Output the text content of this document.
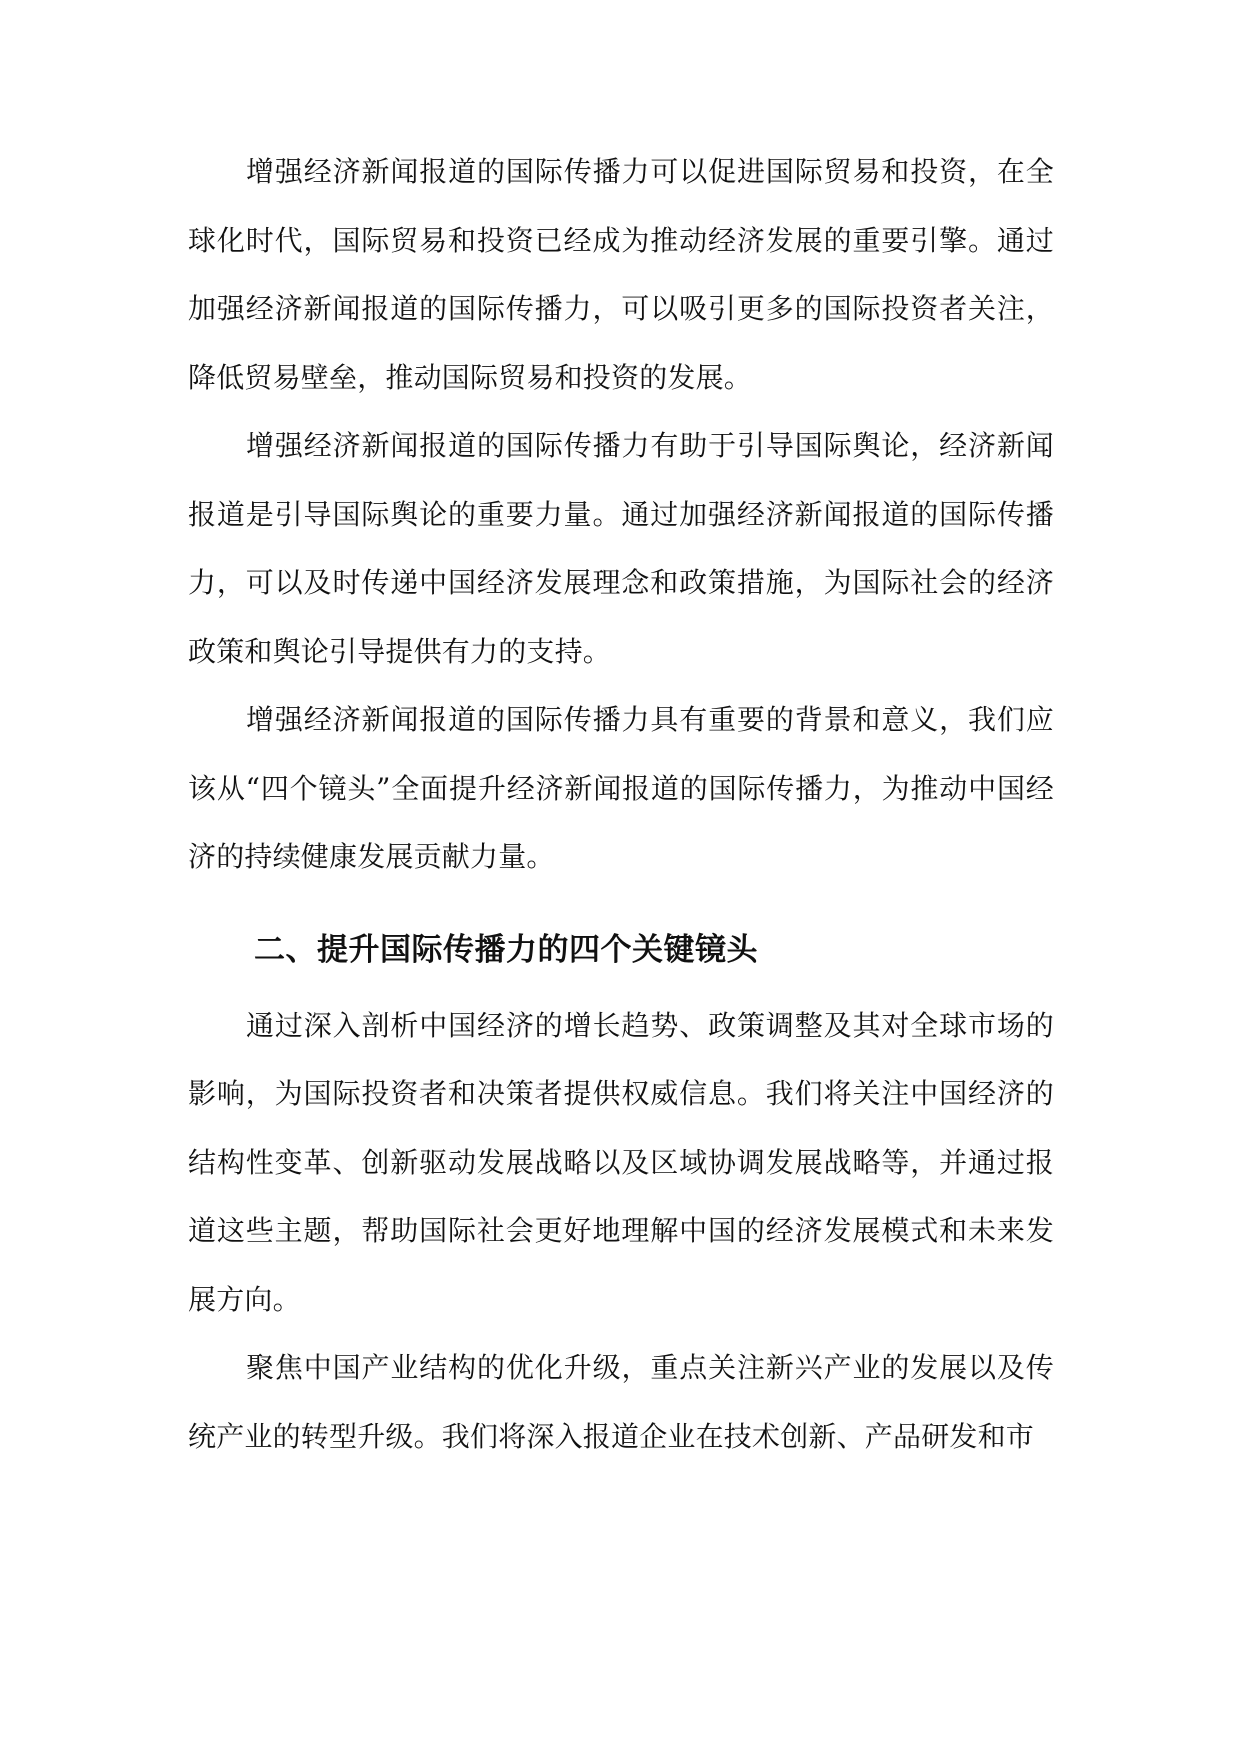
增强经济新闻报道的国际传播力可以促进国际贸易和投资，在全球化时代，国际贸易和投资已经成为推动经济发展的重要引擎。通过加强经济新闻报道的国际传播力，可以吸引更多的国际投资者关注，降低贸易壁垒，推动国际贸易和投资的发展。

增强经济新闻报道的国际传播力有助于引导国际舆论，经济新闻报道是引导国际舆论的重要力量。通过加强经济新闻报道的国际传播力，可以及时传递中国经济发展理念和政策措施，为国际社会的经济政策和舆论引导提供有力的支持。

增强经济新闻报道的国际传播力具有重要的背景和意义，我们应该从“四个镜头”全面提升经济新闻报道的国际传播力，为推动中国经济的持续健康发展贡献力量。

二、提升国际传播力的四个关键镜头

通过深入剖析中国经济的增长趋势、政策调整及其对全球市场的影响，为国际投资者和决策者提供权威信息。我们将关注中国经济的结构性变革、创新驱动发展战略以及区域协调发展战略等，并通过报道这些主题，帮助国际社会更好地理解中国的经济发展模式和未来发展方向。

聚焦中国产业结构的优化升级，重点关注新兴产业的发展以及传统产业的转型升级。我们将深入报道企业在技术创新、产品研发和市
